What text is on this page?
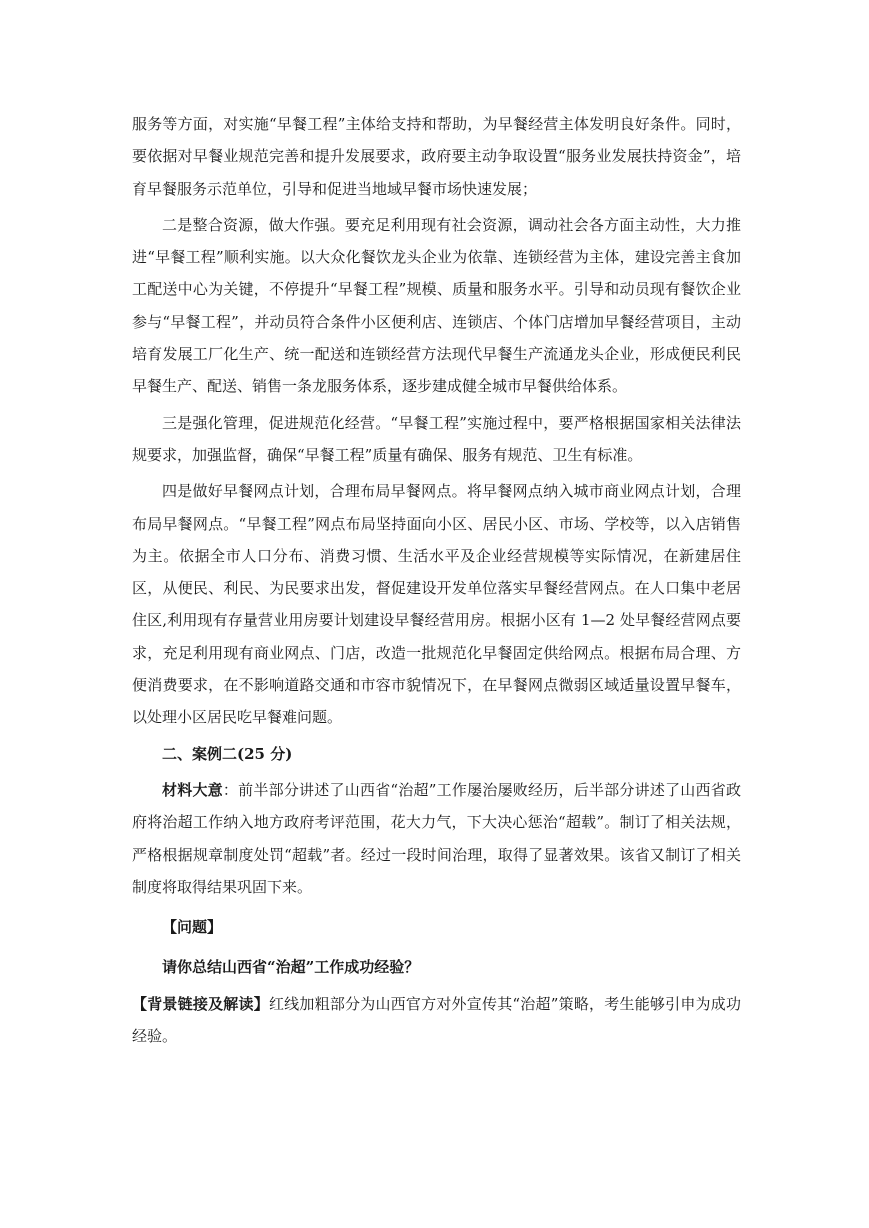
服务等方面，对实施“早餐工程”主体给支持和帮助，为早餐经营主体发明良好条件。同时，要依据对早餐业规范完善和提升发展要求，政府要主动争取设置“服务业发展扶持资金”，培育早餐服务示范单位，引导和促进当地域早餐市场快速发展；

二是整合资源，做大作强。要充足利用现有社会资源，调动社会各方面主动性，大力推进“早餐工程”顺利实施。以大众化餐饮龙头企业为依靠、连锁经营为主体，建设完善主食加工配送中心为关键，不停提升“早餐工程”规模、质量和服务水平。引导和动员现有餐饮企业参与“早餐工程”，并动员符合条件小区便利店、连锁店、个体门店增加早餐经营项目，主动培育发展工厂化生产、统一配送和连锁经营方法现代早餐生产流通龙头企业，形成便民利民早餐生产、配送、销售一条龙服务体系，逐步建成健全城市早餐供给体系。

三是强化管理，促进规范化经营。“早餐工程”实施过程中，要严格根据国家相关法律法规要求，加强监督，确保“早餐工程”质量有确保、服务有规范、卫生有标准。

四是做好早餐网点计划，合理布局早餐网点。将早餐网点纳入城市商业网点计划，合理布局早餐网点。“早餐工程”网点布局坚持面向小区、居民小区、市场、学校等，以入店销售为主。依据全市人口分布、消费习惯、生活水平及企业经营规模等实际情况，在新建居住区，从便民、利民、为民要求出发，督促建设开发单位落实早餐经营网点。在人口集中老居住区,利用现有存量营业用房要计划建设早餐经营用房。根据小区有 1—2 处早餐经营网点要求，充足利用现有商业网点、门店，改造一批规范化早餐固定供给网点。根据布局合理、方便消费要求，在不影响道路交通和市容市貌情况下，在早餐网点微弱区域适量设置早餐车，以处理小区居民吃早餐难问题。

二、案例二(25 分)

材料大意：前半部分讲述了山西省“治超”工作屡治屡败经历，后半部分讲述了山西省政府将治超工作纳入地方政府考评范围，花大力气，下大决心惩治“超载”。制订了相关法规，严格根据规章制度处罚“超载”者。经过一段时间治理，取得了显著效果。该省又制订了相关制度将取得结果巩固下来。

【问题】

请你总结山西省“治超”工作成功经验？

【背景链接及解读】红线加粗部分为山西官方对外宣传其“治超”策略，考生能够引申为成功经验。
